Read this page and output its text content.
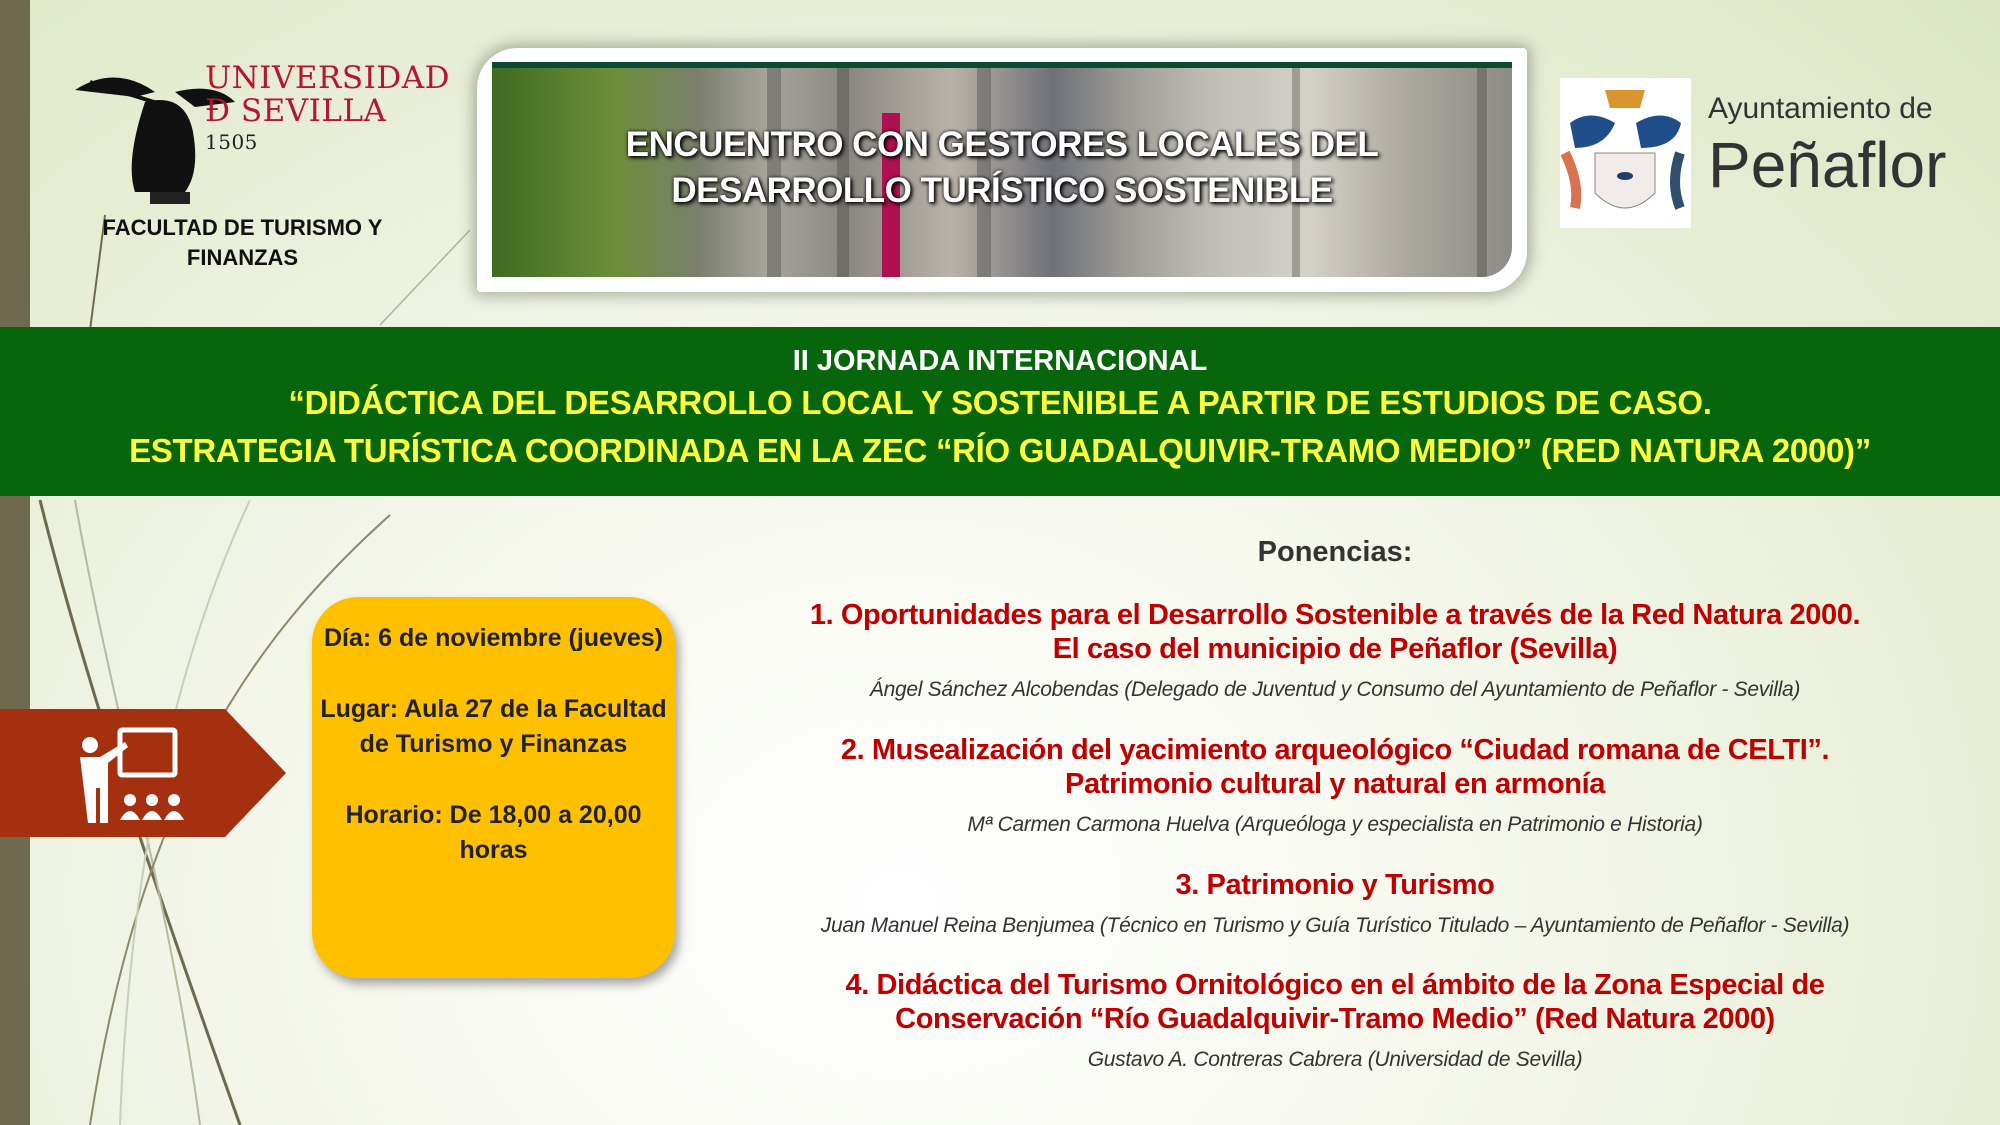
UNIVERSIDAD
Đ SEVILLA
1505
FACULTAD DE TURISMO Y FINANZAS
ENCUENTRO CON GESTORES LOCALES DEL
DESARROLLO TURÍSTICO SOSTENIBLE
Ayuntamiento de
Peñaflor
II JORNADA INTERNACIONAL
“DIDÁCTICA DEL DESARROLLO LOCAL Y SOSTENIBLE A PARTIR DE ESTUDIOS DE CASO.
ESTRATEGIA TURÍSTICA COORDINADA EN LA ZEC “RÍO GUADALQUIVIR-TRAMO MEDIO” (RED NATURA 2000)”

Día: 6 de noviembre (jueves)

Lugar: Aula 27 de la Facultad de Turismo y Finanzas

Horario: De 18,00 a 20,00 horas

Ponencias:
1. Oportunidades para el Desarrollo Sostenible a través de la Red Natura 2000.
El caso del municipio de Peñaflor (Sevilla)
Ángel Sánchez Alcobendas (Delegado de Juventud y Consumo del Ayuntamiento de Peñaflor - Sevilla)
2. Musealización del yacimiento arqueológico “Ciudad romana de CELTI”.
Patrimonio cultural y natural en armonía
Mª Carmen Carmona Huelva (Arqueóloga y especialista en Patrimonio e Historia)
3. Patrimonio y Turismo
Juan Manuel Reina Benjumea (Técnico en Turismo y Guía Turístico Titulado – Ayuntamiento de Peñaflor - Sevilla)
4. Didáctica del Turismo Ornitológico en el ámbito de la Zona Especial de
Conservación “Río Guadalquivir-Tramo Medio” (Red Natura 2000)
Gustavo A. Contreras Cabrera (Universidad de Sevilla)
